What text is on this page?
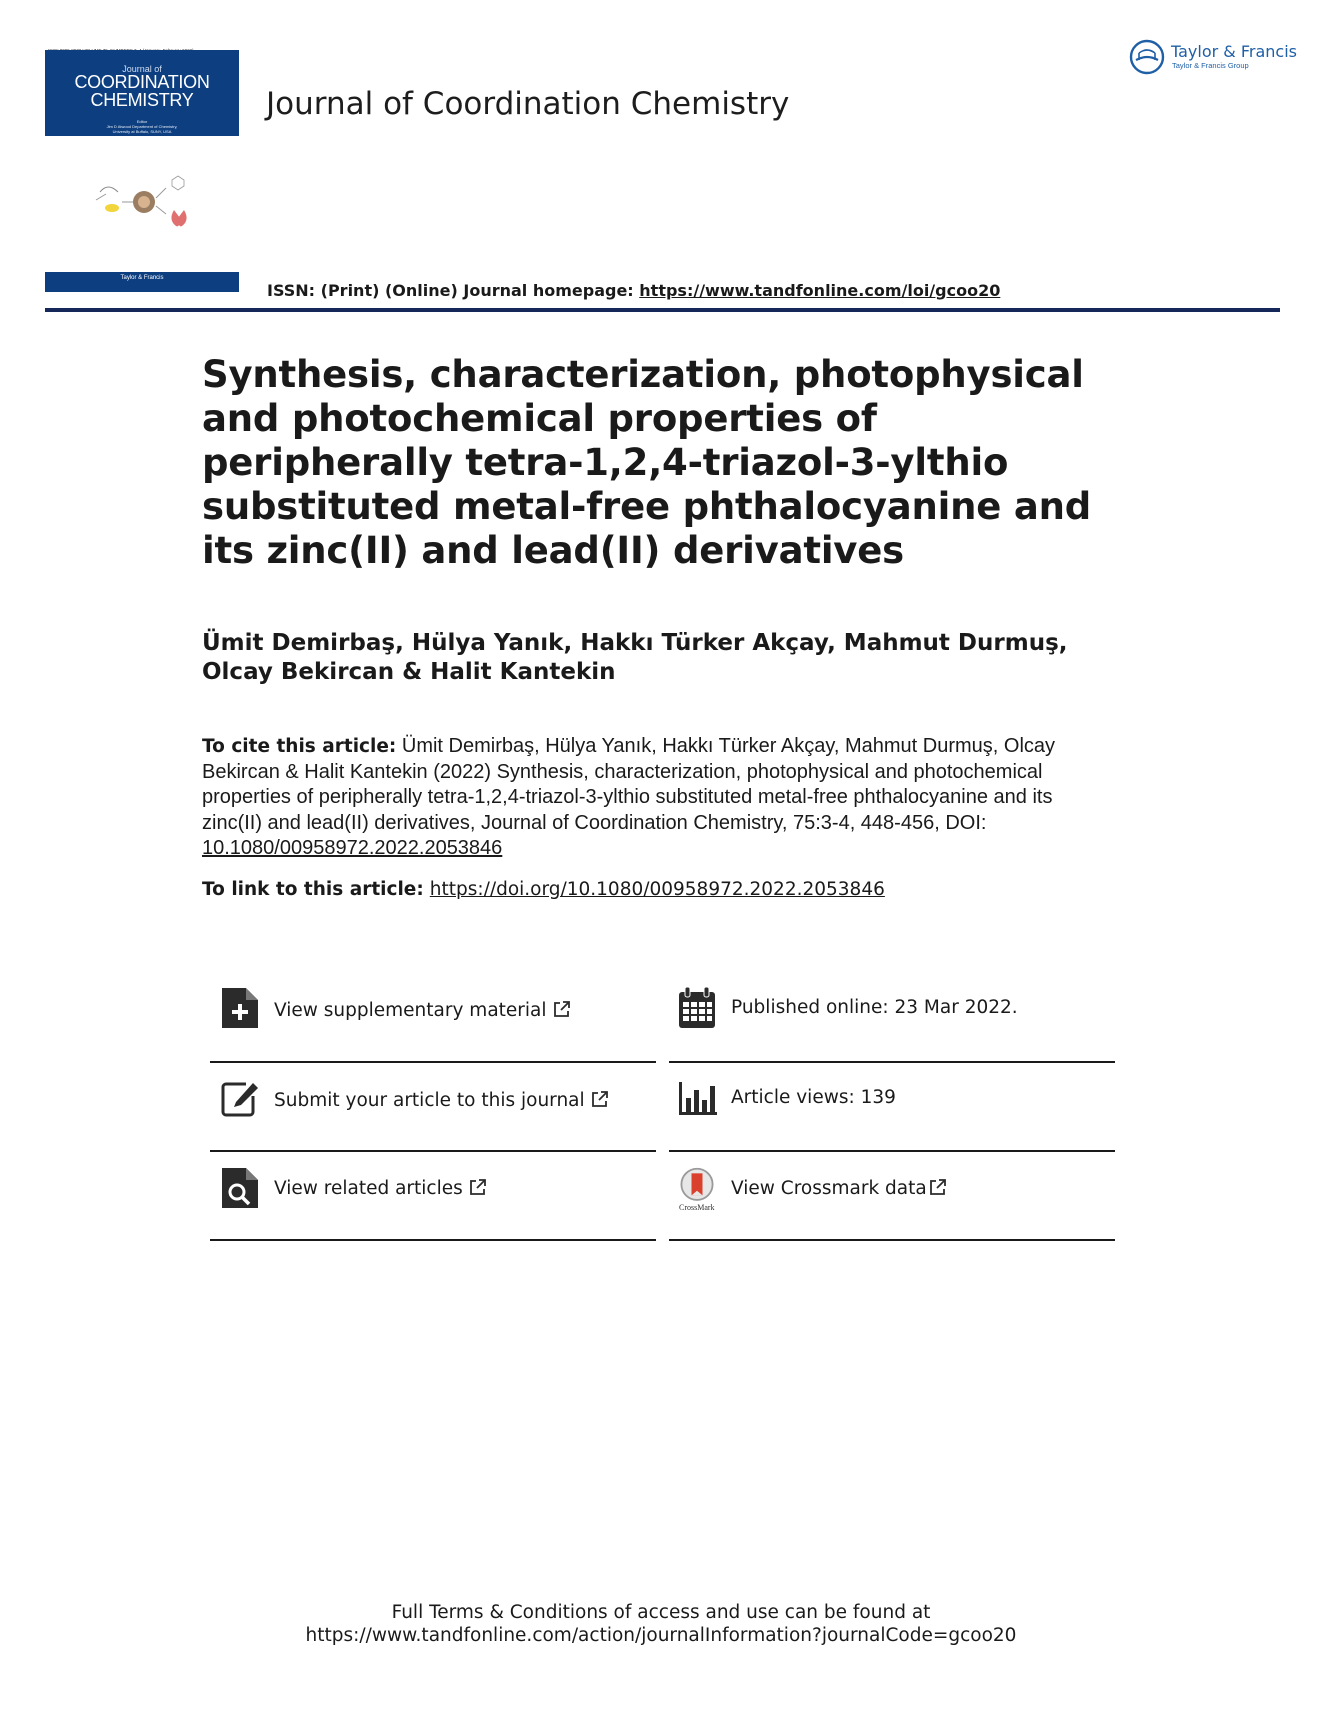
Journal of
COORDINATION
CHEMISTRY
Editor
Jim D Atwood Department of Chemistry,
University at Buffalo, SUNY, USA
Taylor & Francis
Journal of Coordination Chemistry
Taylor & Francis
Taylor & Francis Group
ISSN: (Print) (Online) Journal homepage: https://www.tandfonline.com/loi/gcoo20
Synthesis, characterization, photophysical and photochemical properties of peripherally tetra-1,2,4-triazol-3-ylthio substituted metal-free phthalocyanine and its zinc(II) and lead(II) derivatives
Ümit Demirbaş, Hülya Yanık, Hakkı Türker Akçay, Mahmut Durmuş, Olcay Bekircan & Halit Kantekin
To cite this article: Ümit Demirbaş, Hülya Yanık, Hakkı Türker Akçay, Mahmut Durmuş, Olcay Bekircan & Halit Kantekin (2022) Synthesis, characterization, photophysical and photochemical properties of peripherally tetra-1,2,4-triazol-3-ylthio substituted metal-free phthalocyanine and its zinc(II) and lead(II) derivatives, Journal of Coordination Chemistry, 75:3-4, 448-456, DOI: 10.1080/00958972.2022.2053846
To link to this article: https://doi.org/10.1080/00958972.2022.2053846
View supplementary material	Published online: 23 Mar 2022.
Submit your article to this journal	Article views: 139
View related articles
CrossMark
View Crossmark data
Full Terms & Conditions of access and use can be found at
https://www.tandfonline.com/action/journalInformation?journalCode=gcoo20
